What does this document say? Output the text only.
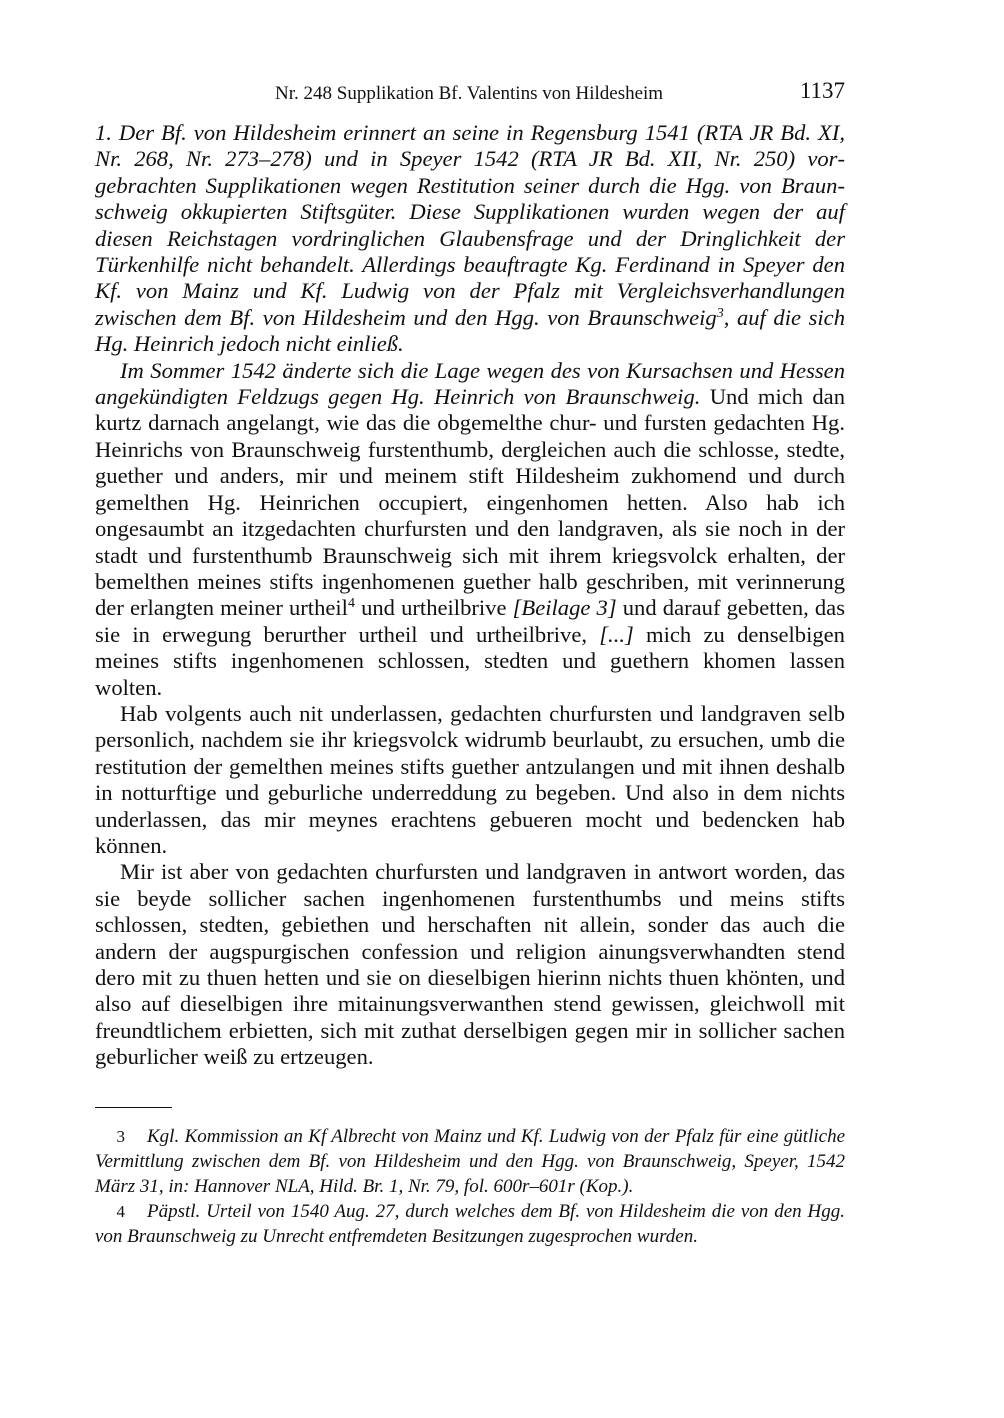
Nr. 248 Supplikation Bf. Valentins von Hildesheim	1137

1. Der Bf. von Hildesheim erinnert an seine in Regensburg 1541 (RTA JR Bd. XI, Nr. 268, Nr. 273–278) und in Speyer 1542 (RTA JR Bd. XII, Nr. 250) vorgebrachten Supplikationen wegen Restitution seiner durch die Hgg. von Braunschweig okkupierten Stiftsgüter. Diese Supplikationen wurden wegen der auf diesen Reichstagen vordringlichen Glaubensfrage und der Dringlichkeit der Türkenhilfe nicht behandelt. Allerdings beauftragte Kg. Ferdinand in Speyer den Kf. von Mainz und Kf. Ludwig von der Pfalz mit Vergleichsverhandlungen zwischen dem Bf. von Hildesheim und den Hgg. von Braunschweig$^3$, auf die sich Hg. Heinrich jedoch nicht einließ.

Im Sommer 1542 änderte sich die Lage wegen des von Kursachsen und Hessen angekündigten Feldzugs gegen Hg. Heinrich von Braunschweig. Und mich dan kurtz darnach angelangt, wie das die obgemelthe chur- und fursten gedachten Hg. Heinrichs von Braunschweig furstenthumb, dergleichen auch die schlosse, stedte, guether und anders, mir und meinem stift Hildesheim zukhomend und durch gemelthen Hg. Heinrichen occupiert, eingenhomen hetten. Also hab ich ongesaumbt an itzgedachten churfursten und den landgraven, als sie noch in der stadt und furstenthumb Braunschweig sich mit ihrem kriegsvolck erhalten, der bemelthen meines stifts ingenhomenen guether halb geschriben, mit verinnerung der erlangten meiner urtheil$^4$ und urtheilbrive [Beilage 3] und darauf gebetten, das sie in erwegung berurther urtheil und urtheilbrive, [...] mich zu denselbigen meines stifts ingenhomenen schlossen, stedten und guethern khomen lassen wolten.

Hab volgents auch nit underlassen, gedachten churfursten und landgraven selb personlich, nachdem sie ihr kriegsvolck widrumb beurlaubt, zu ersuchen, umb die restitution der gemelthen meines stifts guether antzulangen und mit ihnen deshalb in notturftige und geburliche underreddung zu begeben. Und also in dem nichts underlassen, das mir meynes erachtens gebueren mocht und bedencken hab können.

Mir ist aber von gedachten churfursten und landgraven in antwort worden, das sie beyde sollicher sachen ingenhomenen furstenthumbs und meins stifts schlossen, stedten, gebiethen und herschaften nit allein, sonder das auch die andern der augspurgischen confession und religion ainungsverwhandten stend dero mit zu thuen hetten und sie on dieselbigen hierinn nichts thuen khönten, und also auf dieselbigen ihre mitainungsverwanthen stend gewissen, gleichwoll mit freundtlichem erbietten, sich mit zuthat derselbigen gegen mir in sollicher sachen geburlicher weiß zu ertzeugen.

3 Kgl. Kommission an Kf Albrecht von Mainz und Kf. Ludwig von der Pfalz für eine gütliche Vermittlung zwischen dem Bf. von Hildesheim und den Hgg. von Braunschweig, Speyer, 1542 März 31, in: Hannover NLA, Hild. Br. 1, Nr. 79, fol. 600r–601r (Kop.).

4 Päpstl. Urteil von 1540 Aug. 27, durch welches dem Bf. von Hildesheim die von den Hgg. von Braunschweig zu Unrecht entfremdeten Besitzungen zugesprochen wurden.
